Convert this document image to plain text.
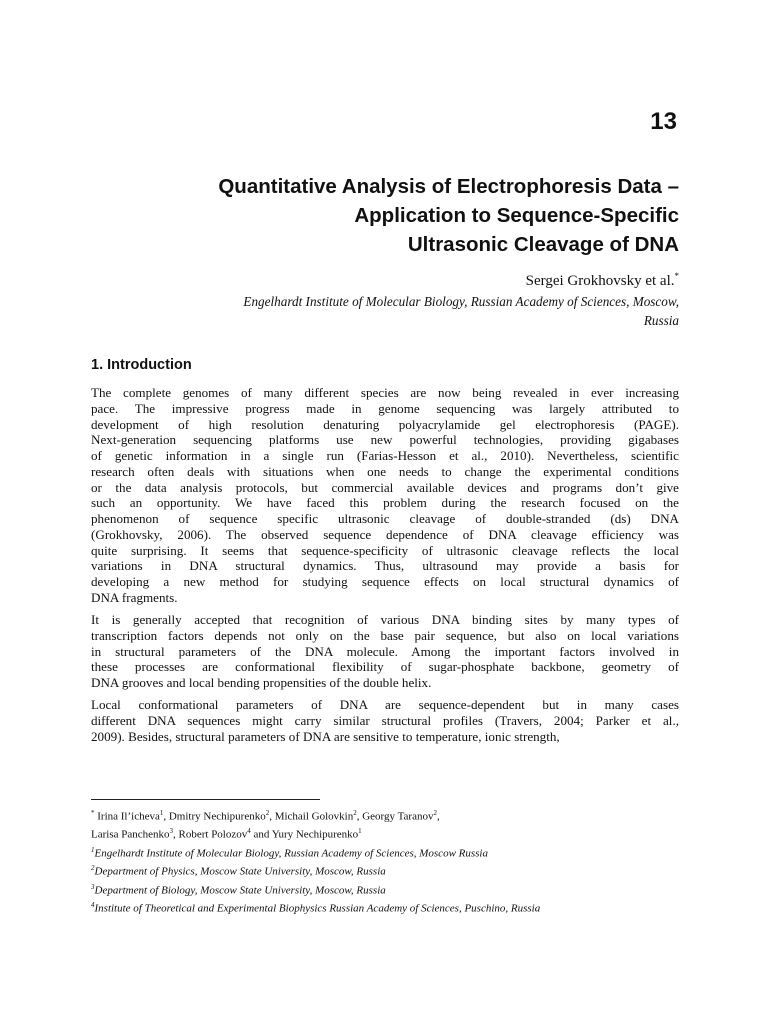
13
Quantitative Analysis of Electrophoresis Data –
Application to Sequence-Specific
Ultrasonic Cleavage of DNA
Sergei Grokhovsky et al.*
Engelhardt Institute of Molecular Biology, Russian Academy of Sciences, Moscow,
Russia
1. Introduction

The complete genomes of many different species are now being revealed in ever increasing
pace. The impressive progress made in genome sequencing was largely attributed to
development of high resolution denaturing polyacrylamide gel electrophoresis (PAGE).
Next-generation sequencing platforms use new powerful technologies, providing gigabases
of genetic information in a single run (Farias-Hesson et al., 2010). Nevertheless, scientific
research often deals with situations when one needs to change the experimental conditions
or the data analysis protocols, but commercial available devices and programs don’t give
such an opportunity. We have faced this problem during the research focused on the
phenomenon of sequence specific ultrasonic cleavage of double-stranded (ds) DNA
(Grokhovsky, 2006). The observed sequence dependence of DNA cleavage efficiency was
quite surprising. It seems that sequence-specificity of ultrasonic cleavage reflects the local
variations in DNA structural dynamics. Thus, ultrasound may provide a basis for
developing a new method for studying sequence effects on local structural dynamics of
DNA fragments.

It is generally accepted that recognition of various DNA binding sites by many types of
transcription factors depends not only on the base pair sequence, but also on local variations
in structural parameters of the DNA molecule. Among the important factors involved in
these processes are conformational flexibility of sugar-phosphate backbone, geometry of
DNA grooves and local bending propensities of the double helix.

Local conformational parameters of DNA are sequence-dependent but in many cases
different DNA sequences might carry similar structural profiles (Travers, 2004; Parker et al.,
2009). Besides, structural parameters of DNA are sensitive to temperature, ionic strength,

* Irina Il’icheva$^1$, Dmitry Nechipurenko$^2$, Michail Golovkin$^2$, Georgy Taranov$^2$,
Larisa Panchenko$^3$, Robert Polozov$^4$ and Yury Nechipurenko$^1$
$^1$Engelhardt Institute of Molecular Biology, Russian Academy of Sciences, Moscow Russia
$^2$Department of Physics, Moscow State University, Moscow, Russia
$^3$Department of Biology, Moscow State University, Moscow, Russia
$^4$Institute of Theoretical and Experimental Biophysics Russian Academy of Sciences, Puschino, Russia
